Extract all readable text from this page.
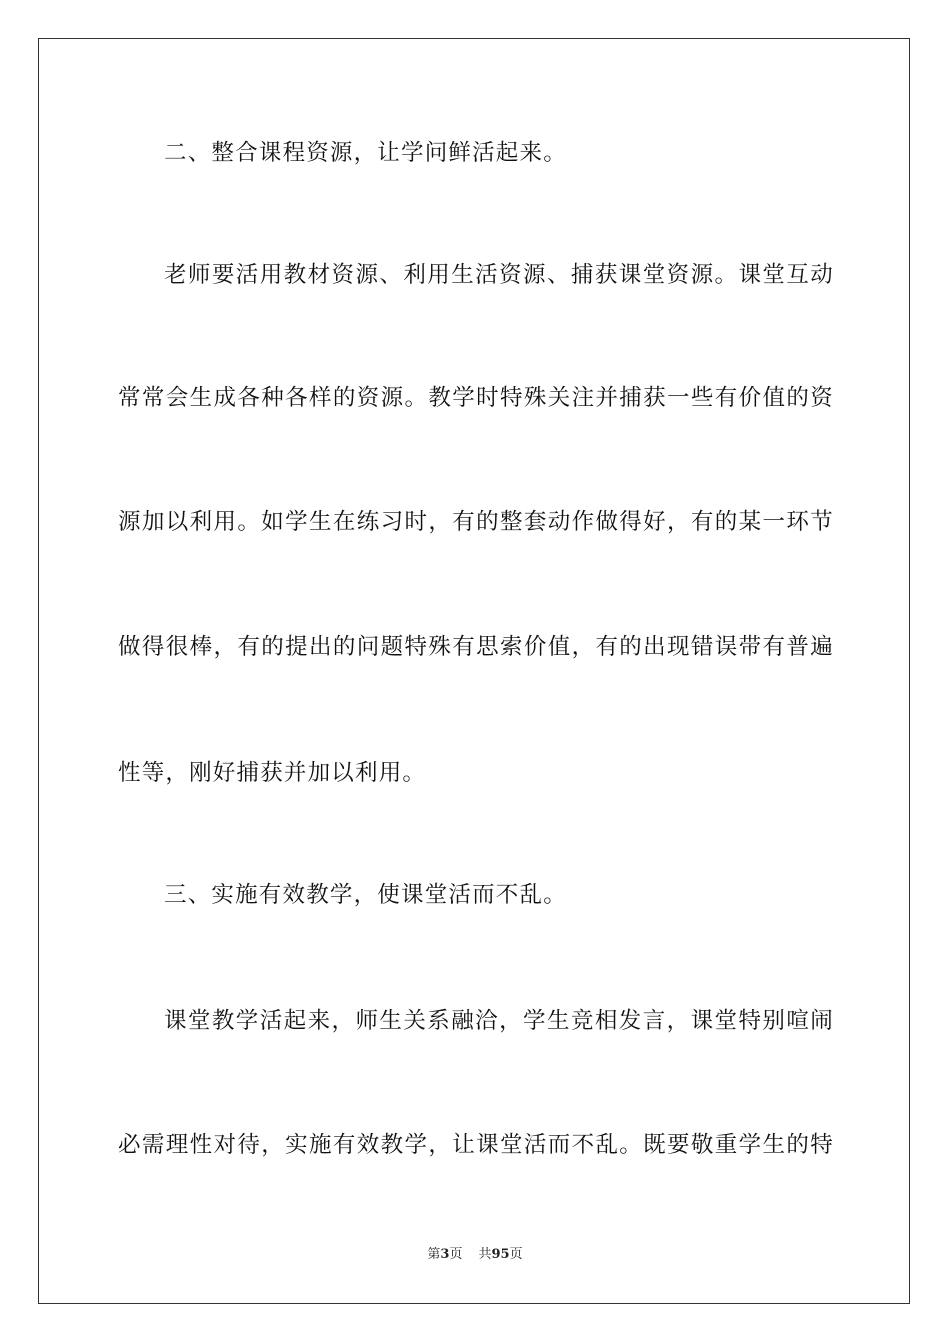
二、整合课程资源，让学问鲜活起来。
老师要活用教材资源、利用生活资源、捕获课堂资源。课堂互动
常常会生成各种各样的资源。教学时特殊关注并捕获一些有价值的资
源加以利用。如学生在练习时，有的整套动作做得好，有的某一环节
做得很棒，有的提出的问题特殊有思索价值，有的出现错误带有普遍
性等，刚好捕获并加以利用。
三、实施有效教学，使课堂活而不乱。
课堂教学活起来，师生关系融洽，学生竞相发言，课堂特别喧闹
必需理性对待，实施有效教学，让课堂活而不乱。既要敬重学生的特
第3页 共95页
